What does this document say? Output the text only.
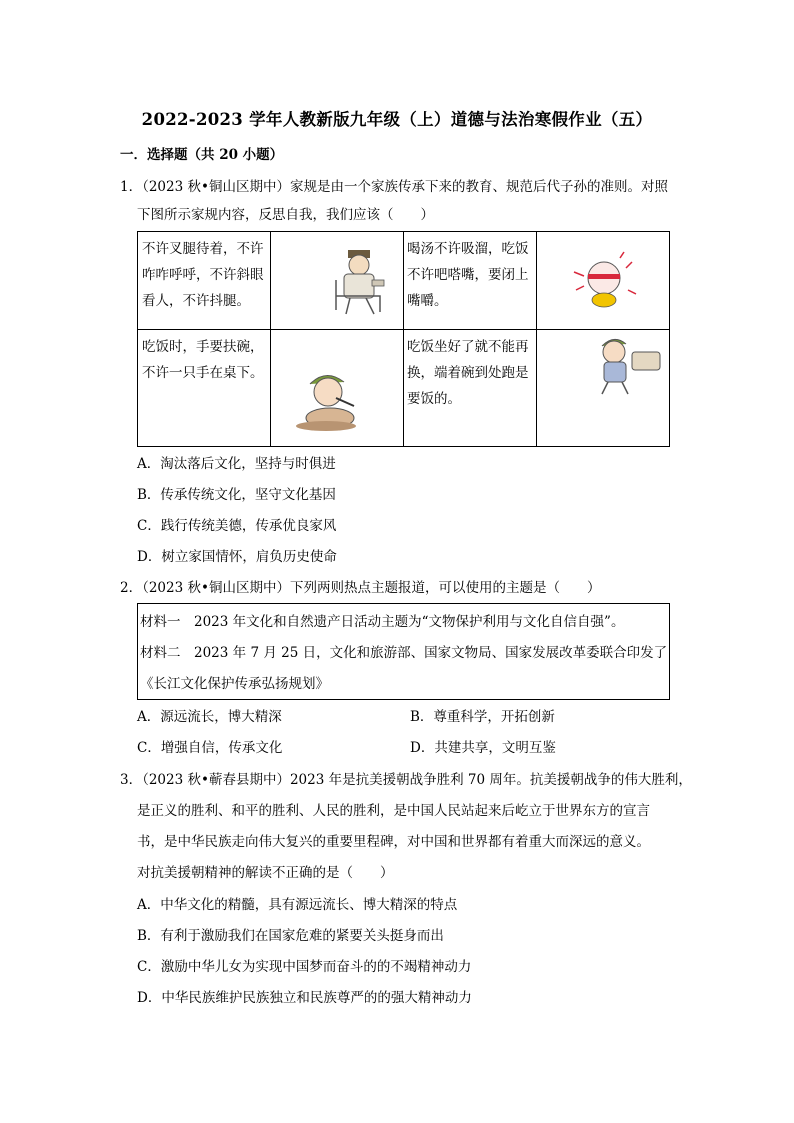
2022-2023 学年人教新版九年级（上）道德与法治寒假作业（五）
一．选择题（共 20 小题）
1．（2023 秋•铜山区期中）家规是由一个家族传承下来的教育、规范后代子孙的准则。对照
下图所示家规内容，反思自我，我们应该（　　）
不许叉腿待着，不许
咋咋呼呼，不许斜眼
看人，不许抖腿。
喝汤不许吸溜，吃饭
不许吧嗒嘴，要闭上
嘴嚼。
吃饭时，手要扶碗，
不许一只手在桌下。
吃饭坐好了就不能再
换，端着碗到处跑是
要饭的。
A．淘汰落后文化，坚持与时俱进
B．传承传统文化，坚守文化基因
C．践行传统美德，传承优良家风
D．树立家国情怀，肩负历史使命
2．（2023 秋•铜山区期中）下列两则热点主题报道，可以使用的主题是（　　）
材料一　2023 年文化和自然遗产日活动主题为“文物保护利用与文化自信自强”。
材料二　2023 年 7 月 25 日，文化和旅游部、国家文物局、国家发展改革委联合印发了
《长江文化保护传承弘扬规划》
A．源远流长，博大精深	B．尊重科学，开拓创新
C．增强自信，传承文化	D．共建共享，文明互鉴
3．（2023 秋•蕲春县期中）2023 年是抗美援朝战争胜利 70 周年。抗美援朝战争的伟大胜利，
是正义的胜利、和平的胜利、人民的胜利，是中国人民站起来后屹立于世界东方的宣言
书，是中华民族走向伟大复兴的重要里程碑，对中国和世界都有着重大而深远的意义。
对抗美援朝精神的解读不正确的是（　　）
A．中华文化的精髓，具有源远流长、博大精深的特点
B．有利于激励我们在国家危难的紧要关头挺身而出
C．激励中华儿女为实现中国梦而奋斗的的不竭精神动力
D．中华民族维护民族独立和民族尊严的的强大精神动力
